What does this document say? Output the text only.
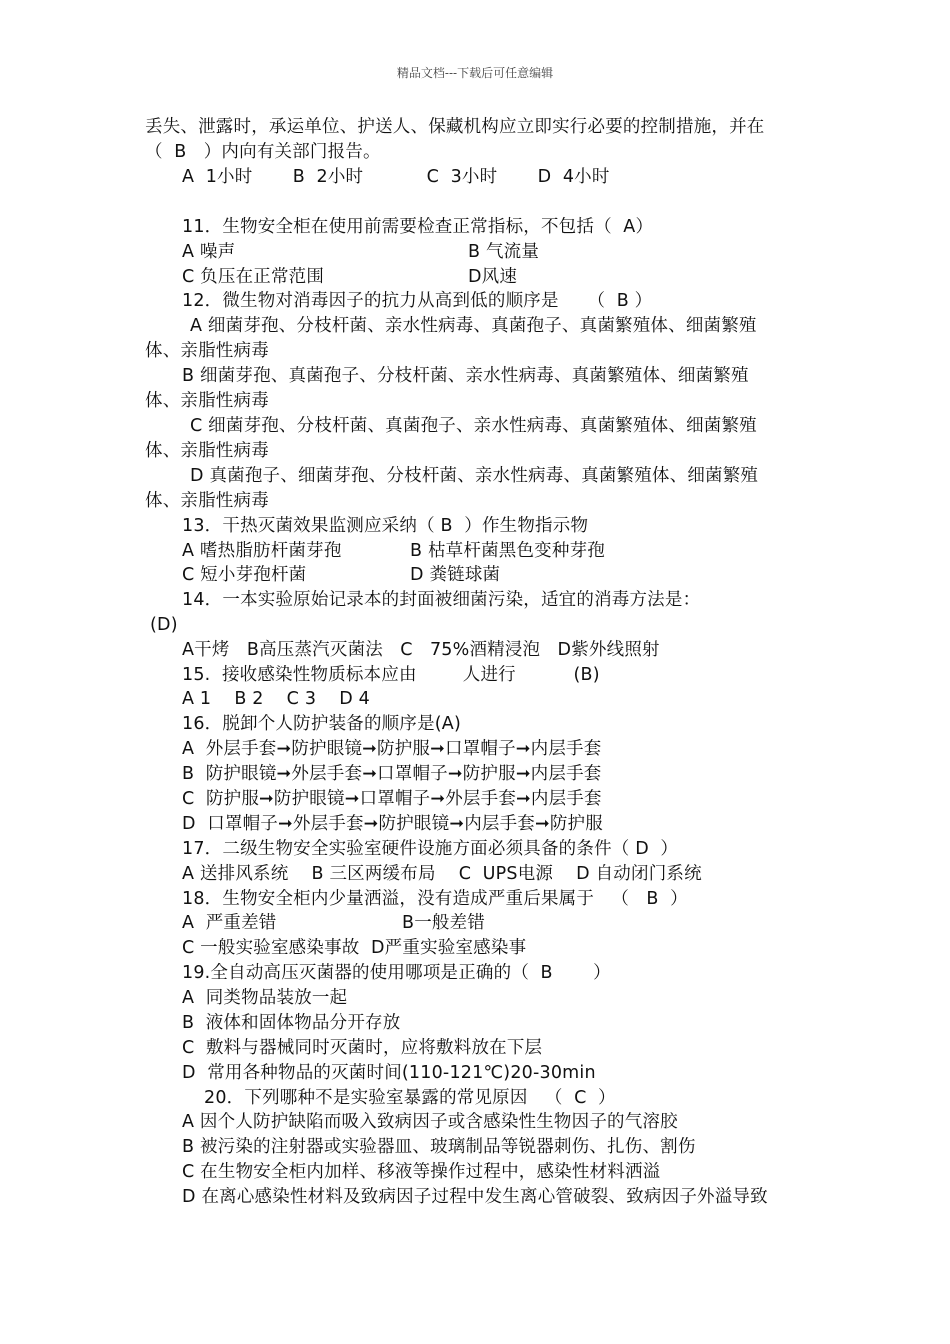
精品文档---下载后可任意编辑
丢失、泄露时，承运单位、护送人、保藏机构应立即实行必要的控制措施，并在
（  B   ）内向有关部门报告。
A  1小时       B  2小时           C  3小时       D  4小时
11．生物安全柜在使用前需要检查正常指标，不包括（  A）
A 噪声	B 气流量
C 负压在正常范围	D风速
12．微生物对消毒因子的抗力从高到低的顺序是     （  B ）
A 细菌芽孢、分枝杆菌、亲水性病毒、真菌孢子、真菌繁殖体、细菌繁殖
体、亲脂性病毒
B 细菌芽孢、真菌孢子、分枝杆菌、亲水性病毒、真菌繁殖体、细菌繁殖
体、亲脂性病毒
C 细菌芽孢、分枝杆菌、真菌孢子、亲水性病毒、真菌繁殖体、细菌繁殖
体、亲脂性病毒
D 真菌孢子、细菌芽孢、分枝杆菌、亲水性病毒、真菌繁殖体、细菌繁殖
体、亲脂性病毒
13．干热灭菌效果监测应采纳（ B  ）作生物指示物
A 嗜热脂肪杆菌芽孢	B 枯草杆菌黑色变种芽孢
C 短小芽孢杆菌	D 粪链球菌
14．一本实验原始记录本的封面被细菌污染，适宜的消毒方法是：
(D)
A干烤   B高压蒸汽灭菌法   C   75%酒精浸泡   D紫外线照射
15.  接收感染性物质标本应由        人进行          (B)
A 1    B 2    C 3    D 4
16．脱卸个人防护装备的顺序是(A)
A  外层手套➞防护眼镜➞防护服➞口罩帽子➞内层手套
B  防护眼镜➞外层手套➞口罩帽子➞防护服➞内层手套
C  防护服➞防护眼镜➞口罩帽子➞外层手套➞内层手套
D  口罩帽子➞外层手套➞防护眼镜➞内层手套➞防护服
17．二级生物安全实验室硬件设施方面必须具备的条件（ D  ）
A 送排风系统    B 三区两缓布局    C  UPS电源    D 自动闭门系统
18．生物安全柜内少量洒溢，没有造成严重后果属于   （   B  ）
A  严重差错	B一般差错
C 一般实验室感染事故  D严重实验室感染事
19.全自动高压灭菌器的使用哪项是正确的（  B       ）
A  同类物品装放一起
B  液体和固体物品分开存放
C  敷料与器械同时灭菌时，应将敷料放在下层
D  常用各种物品的灭菌时间(110-121℃)20-30min
20．下列哪种不是实验室暴露的常见原因   （  C  ）
A 因个人防护缺陷而吸入致病因子或含感染性生物因子的气溶胶
B 被污染的注射器或实验器皿、玻璃制品等锐器刺伤、扎伤、割伤
C 在生物安全柜内加样、移液等操作过程中，感染性材料洒溢
D 在离心感染性材料及致病因子过程中发生离心管破裂、致病因子外溢导致
